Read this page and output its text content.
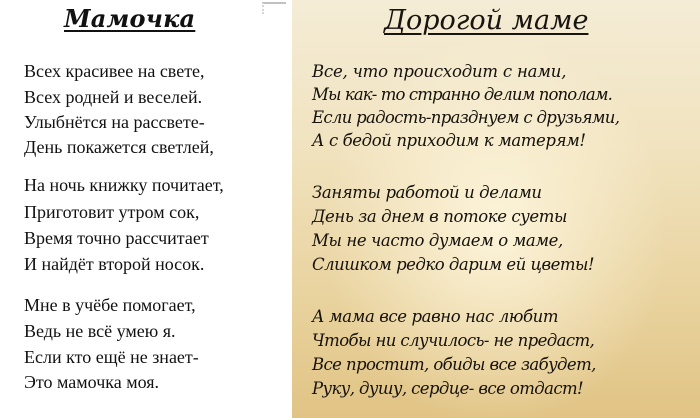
Мамочка
Всех красивее на свете,
Всех родней и веселей.
Улыбнётся на рассвете-
День покажется светлей,
На ночь книжку почитает,
Приготовит утром сок,
Время точно рассчитает
И найдёт второй носок.
Мне в учёбе помогает,
Ведь не всё умею я.
Если кто ещё не знает-
Это мамочка моя.
Дорогой маме
Все, что происходит с нами,
Мы как- то странно делим пополам.
Если радость-празднуем с друзьями,
А с бедой приходим к матерям!
Заняты работой и делами
День за днем в потоке суеты
Мы не часто думаем о маме,
Слишком редко дарим ей цветы!
А мама все равно нас любит
Чтобы ни случилось- не предаст,
Все простит, обиды все забудет,
Руку, душу, сердце- все отдаст!
